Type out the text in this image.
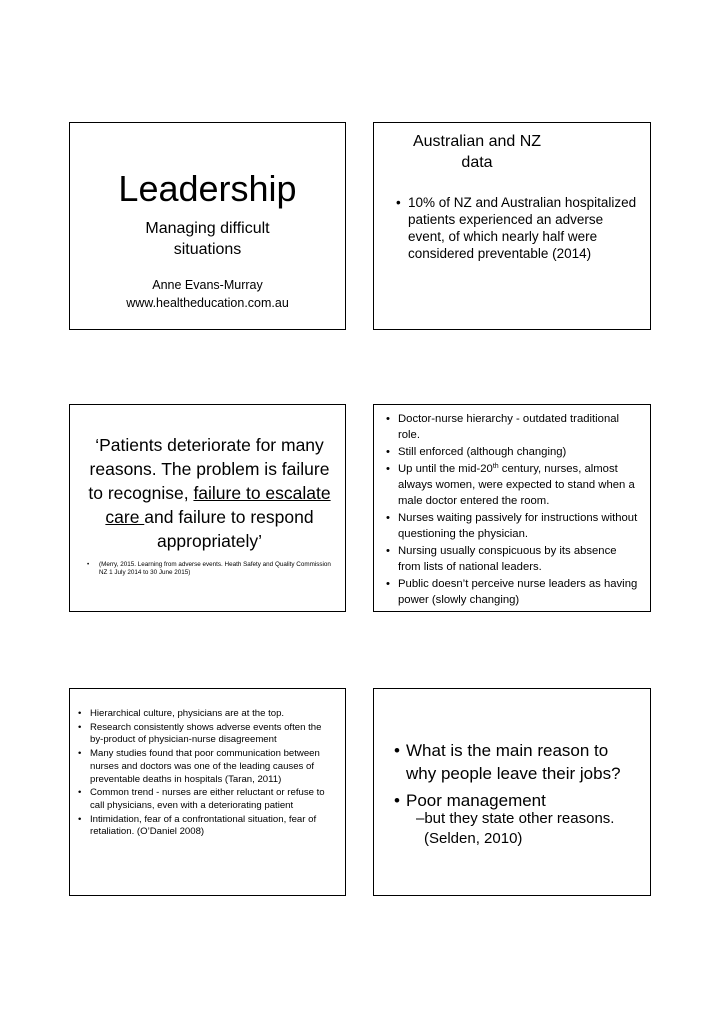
Leadership
Managing difficult
situations
Anne Evans-Murray
www.healtheducation.com.au
Australian and NZ
data
• 10% of NZ and Australian hospitalized patients experienced an adverse event, of which nearly half were considered preventable (2014)
‘Patients deteriorate for many reasons. The problem is failure to recognise, failure to escalate care and failure to respond appropriately’
•	(Merry, 2015. Learning from adverse events. Heath Safety and Quality Commission NZ 1 July 2014 to 30 June 2015)
• Doctor-nurse hierarchy - outdated traditional role.
• Still enforced (although changing)
• Up until the mid-20th century, nurses, almost always women, were expected to stand when a male doctor entered the room.
• Nurses waiting passively for instructions without questioning the physician.
• Nursing usually conspicuous by its absence from lists of national leaders.
• Public doesn’t perceive nurse leaders as having power (slowly changing)
• Hierarchical culture, physicians are at the top.
• Research consistently shows adverse events often the by-product of physician-nurse disagreement
• Many studies found that poor communication between nurses and doctors was one of the leading causes of preventable deaths in hospitals (Taran, 2011)
• Common trend - nurses are either reluctant or refuse to call physicians, even with a deteriorating patient
• Intimidation, fear of a confrontational situation, fear of retaliation. (O’Daniel 2008)
• What is the main reason to why people leave their jobs?
• Poor management
–but they state other reasons.
(Selden, 2010)
